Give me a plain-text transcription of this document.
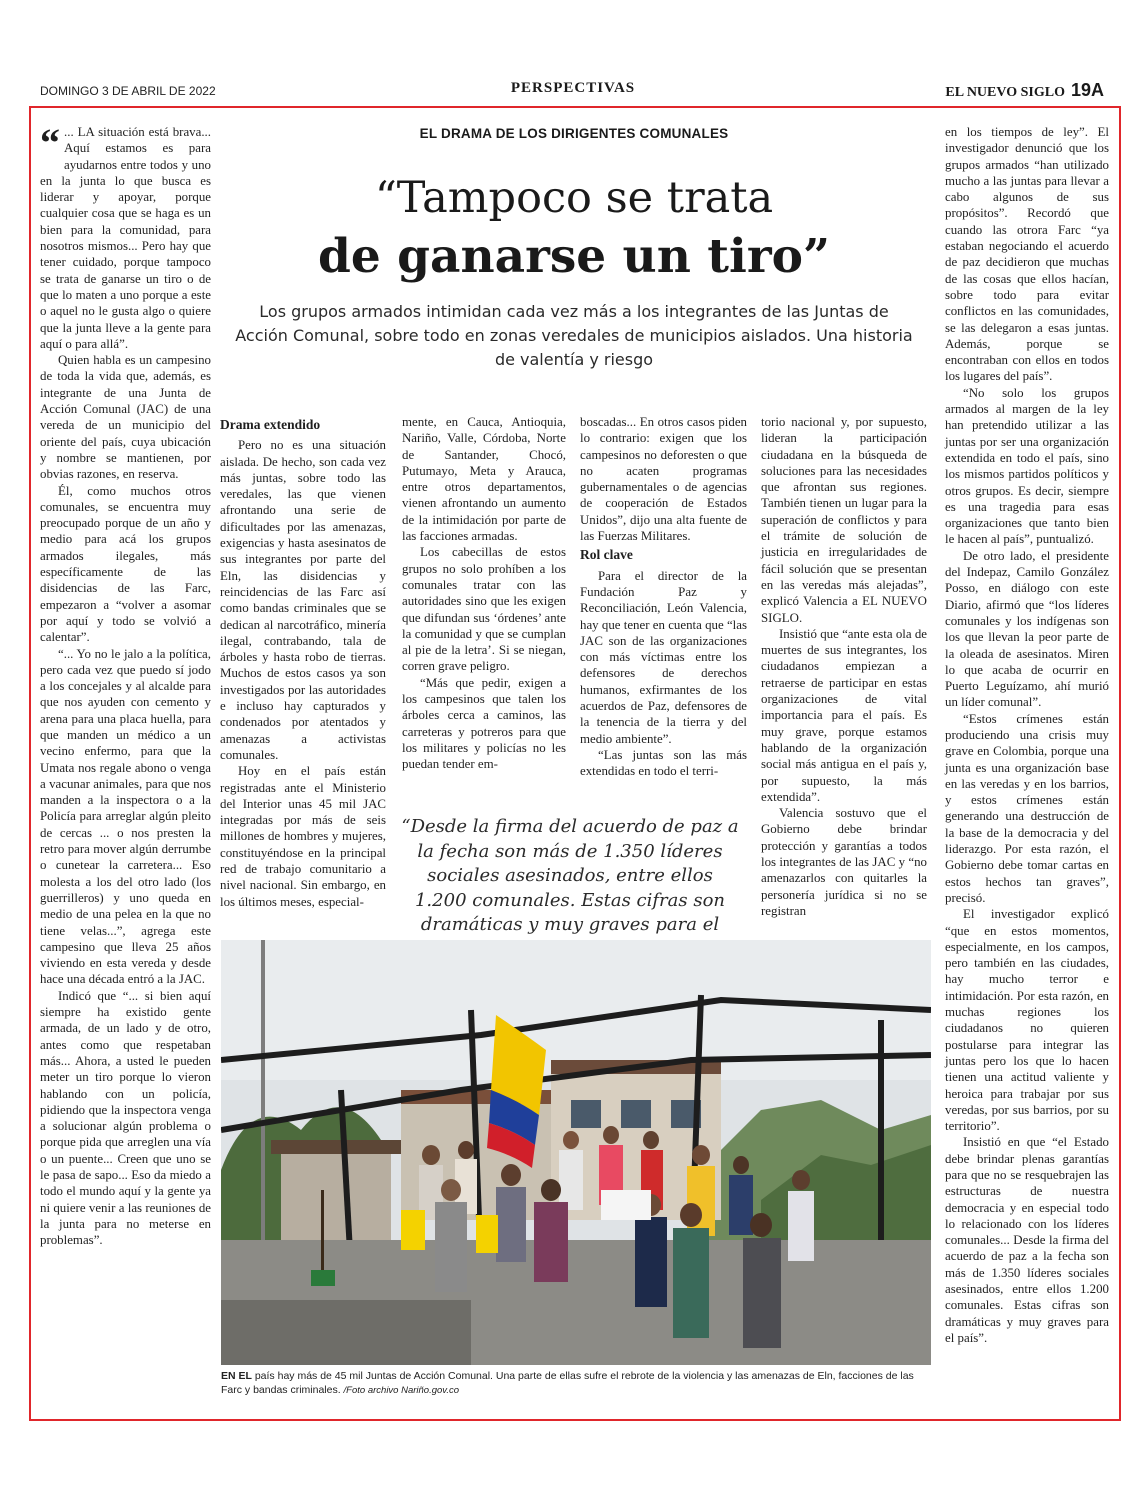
DOMINGO 3 DE ABRIL DE 2022	PERSPECTIVAS	EL NUEVO SIGLO 19A
EL DRAMA DE LOS DIRIGENTES COMUNALES
“Tampoco se trata
de ganarse un tiro”
Los grupos armados intimidan cada vez más a los integrantes de las Juntas de Acción Comunal, sobre todo en zonas veredales de municipios aislados. Una historia de valentía y riesgo
“ ... LA situación está brava... Aquí estamos es para ayudarnos entre todos y uno en la junta lo que busca es liderar y apoyar, porque cualquier cosa que se haga es un bien para la comunidad, para nosotros mismos... Pero hay que tener cuidado, porque tampoco se trata de ganarse un tiro o de que lo maten a uno porque a este o aquel no le gusta algo o quiere que la junta lleve a la gente para aquí o para allá”.

Quien habla es un campesino de toda la vida que, además, es integrante de una Junta de Acción Comunal (JAC) de una vereda de un municipio del oriente del país, cuya ubicación y nombre se mantienen, por obvias razones, en reserva.

Él, como muchos otros comunales, se encuentra muy preocupado porque de un año y medio para acá los grupos armados ilegales, más específicamente de las disidencias de las Farc, empezaron a “volver a asomar por aquí y todo se volvió a calentar”.

“... Yo no le jalo a la política, pero cada vez que puedo sí jodo a los concejales y al alcalde para que nos ayuden con cemento y arena para una placa huella, para que manden un médico a un vecino enfermo, para que la Umata nos regale abono o venga a vacunar animales, para que nos manden a la inspectora o a la Policía para arreglar algún pleito de cercas ... o nos presten la retro para mover algún derrumbe o cunetear la carretera... Eso molesta a los del otro lado (los guerrilleros) y uno queda en medio de una pelea en la que no tiene velas...”, agrega este campesino que lleva 25 años viviendo en esta vereda y desde hace una década entró a la JAC.

Indicó que “... si bien aquí siempre ha existido gente armada, de un lado y de otro, antes como que respetaban más... Ahora, a usted le pueden meter un tiro porque lo vieron hablando con un policía, pidiendo que la inspectora venga a solucionar algún problema o porque pida que arreglen una vía o un puente... Creen que uno se le pasa de sapo... Eso da miedo a todo el mundo aquí y la gente ya ni quiere venir a las reuniones de la junta para no meterse en problemas”.

Drama extendido

Pero no es una situación aislada. De hecho, son cada vez más juntas, sobre todo las veredales, las que vienen afrontando una serie de dificultades por las amenazas, exigencias y hasta asesinatos de sus integrantes por parte del Eln, las disidencias y reincidencias de las Farc así como bandas criminales que se dedican al narcotráfico, minería ilegal, contrabando, tala de árboles y hasta robo de tierras. Muchos de estos casos ya son investigados por las autoridades e incluso hay capturados y condenados por atentados y amenazas a activistas comunales.

Hoy en el país están registradas ante el Ministerio del Interior unas 45 mil JAC integradas por más de seis millones de hombres y mujeres, constituyéndose en la principal red de trabajo comunitario a nivel nacional. Sin embargo, en los últimos meses, especial-

mente, en Cauca, Antioquia, Nariño, Valle, Córdoba, Norte de Santander, Chocó, Putumayo, Meta y Arauca, entre otros departamentos, vienen afrontando un aumento de la intimidación por parte de las facciones armadas.

Los cabecillas de estos grupos no solo prohíben a los comunales tratar con las autoridades sino que les exigen que difundan sus ‘órdenes’ ante la comunidad y que se cumplan al pie de la letra’. Si se niegan, corren grave peligro.

“Más que pedir, exigen a los campesinos que talen los árboles cerca a caminos, las carreteras y potreros para que los militares y policías no les puedan tender em-

boscadas... En otros casos piden lo contrario: exigen que los campesinos no deforesten o que no acaten programas gubernamentales o de agencias de cooperación de Estados Unidos”, dijo una alta fuente de las Fuerzas Militares.

Rol clave

Para el director de la Fundación Paz y Reconciliación, León Valencia, hay que tener en cuenta que “las JAC son de las organizaciones con más víctimas entre los defensores de derechos humanos, exfirmantes de los acuerdos de Paz, defensores de la tenencia de la tierra y del medio ambiente”.

“Las juntas son las más extendidas en todo el terri-

torio nacional y, por supuesto, lideran la participación ciudadana en la búsqueda de soluciones para las necesidades que afrontan sus regiones. También tienen un lugar para la superación de conflictos y para el trámite de solución de justicia en irregularidades de fácil solución que se presentan en las veredas más alejadas”, explicó Valencia a EL NUEVO SIGLO.

Insistió que “ante esta ola de muertes de sus integrantes, los ciudadanos empiezan a retraerse de participar en estas organizaciones de vital importancia para el país. Es muy grave, porque estamos hablando de la organización social más antigua en el país y, por supuesto, la más extendida”.

Valencia sostuvo que el Gobierno debe brindar protección y garantías a todos los integrantes de las JAC y “no amenazarlos con quitarles la personería jurídica si no se registran

en los tiempos de ley”. El investigador denunció que los grupos armados “han utilizado mucho a las juntas para llevar a cabo algunos de sus propósitos”. Recordó que cuando las otrora Farc “ya estaban negociando el acuerdo de paz decidieron que muchas de las cosas que ellos hacían, sobre todo para evitar conflictos en las comunidades, se las delegaron a esas juntas. Además, porque se encontraban con ellos en todos los lugares del país”.

“No solo los grupos armados al margen de la ley han pretendido utilizar a las juntas por ser una organización extendida en todo el país, sino los mismos partidos políticos y otros grupos. Es decir, siempre es una tragedia para esas organizaciones que tanto bien le hacen al país”, puntualizó.

De otro lado, el presidente del Indepaz, Camilo González Posso, en diálogo con este Diario, afirmó que “los líderes comunales y los indígenas son los que llevan la peor parte de la oleada de asesinatos. Miren lo que acaba de ocurrir en Puerto Leguízamo, ahí murió un líder comunal”.

“Estos crímenes están produciendo una crisis muy grave en Colombia, porque una junta es una organización base en las veredas y en los barrios, y estos crímenes están generando una destrucción de la base de la democracia y del liderazgo. Por esta razón, el Gobierno debe tomar cartas en estos hechos tan graves”, precisó.

El investigador explicó “que en estos momentos, especialmente, en los campos, pero también en las ciudades, hay mucho terror e intimidación. Por esta razón, en muchas regiones los ciudadanos no quieren postularse para integrar las juntas pero los que lo hacen tienen una actitud valiente y heroica para trabajar por sus veredas, por sus barrios, por su territorio”.

Insistió en que “el Estado debe brindar plenas garantías para que no se resquebrajen las estructuras de nuestra democracia y en especial todo lo relacionado con los líderes comunales... Desde la firma del acuerdo de paz a la fecha son más de 1.350 líderes sociales asesinados, entre ellos 1.200 comunales. Estas cifras son dramáticas y muy graves para el país”.

“Desde la firma del acuerdo de paz a la fecha son más de 1.350 líderes sociales asesinados, entre ellos 1.200 comunales. Estas cifras son dramáticas y muy graves para el
EN EL país hay más de 45 mil Juntas de Acción Comunal. Una parte de ellas sufre el rebrote de la violencia y las amenazas de Eln, facciones de las Farc y bandas criminales. /Foto archivo Nariño.gov.co
